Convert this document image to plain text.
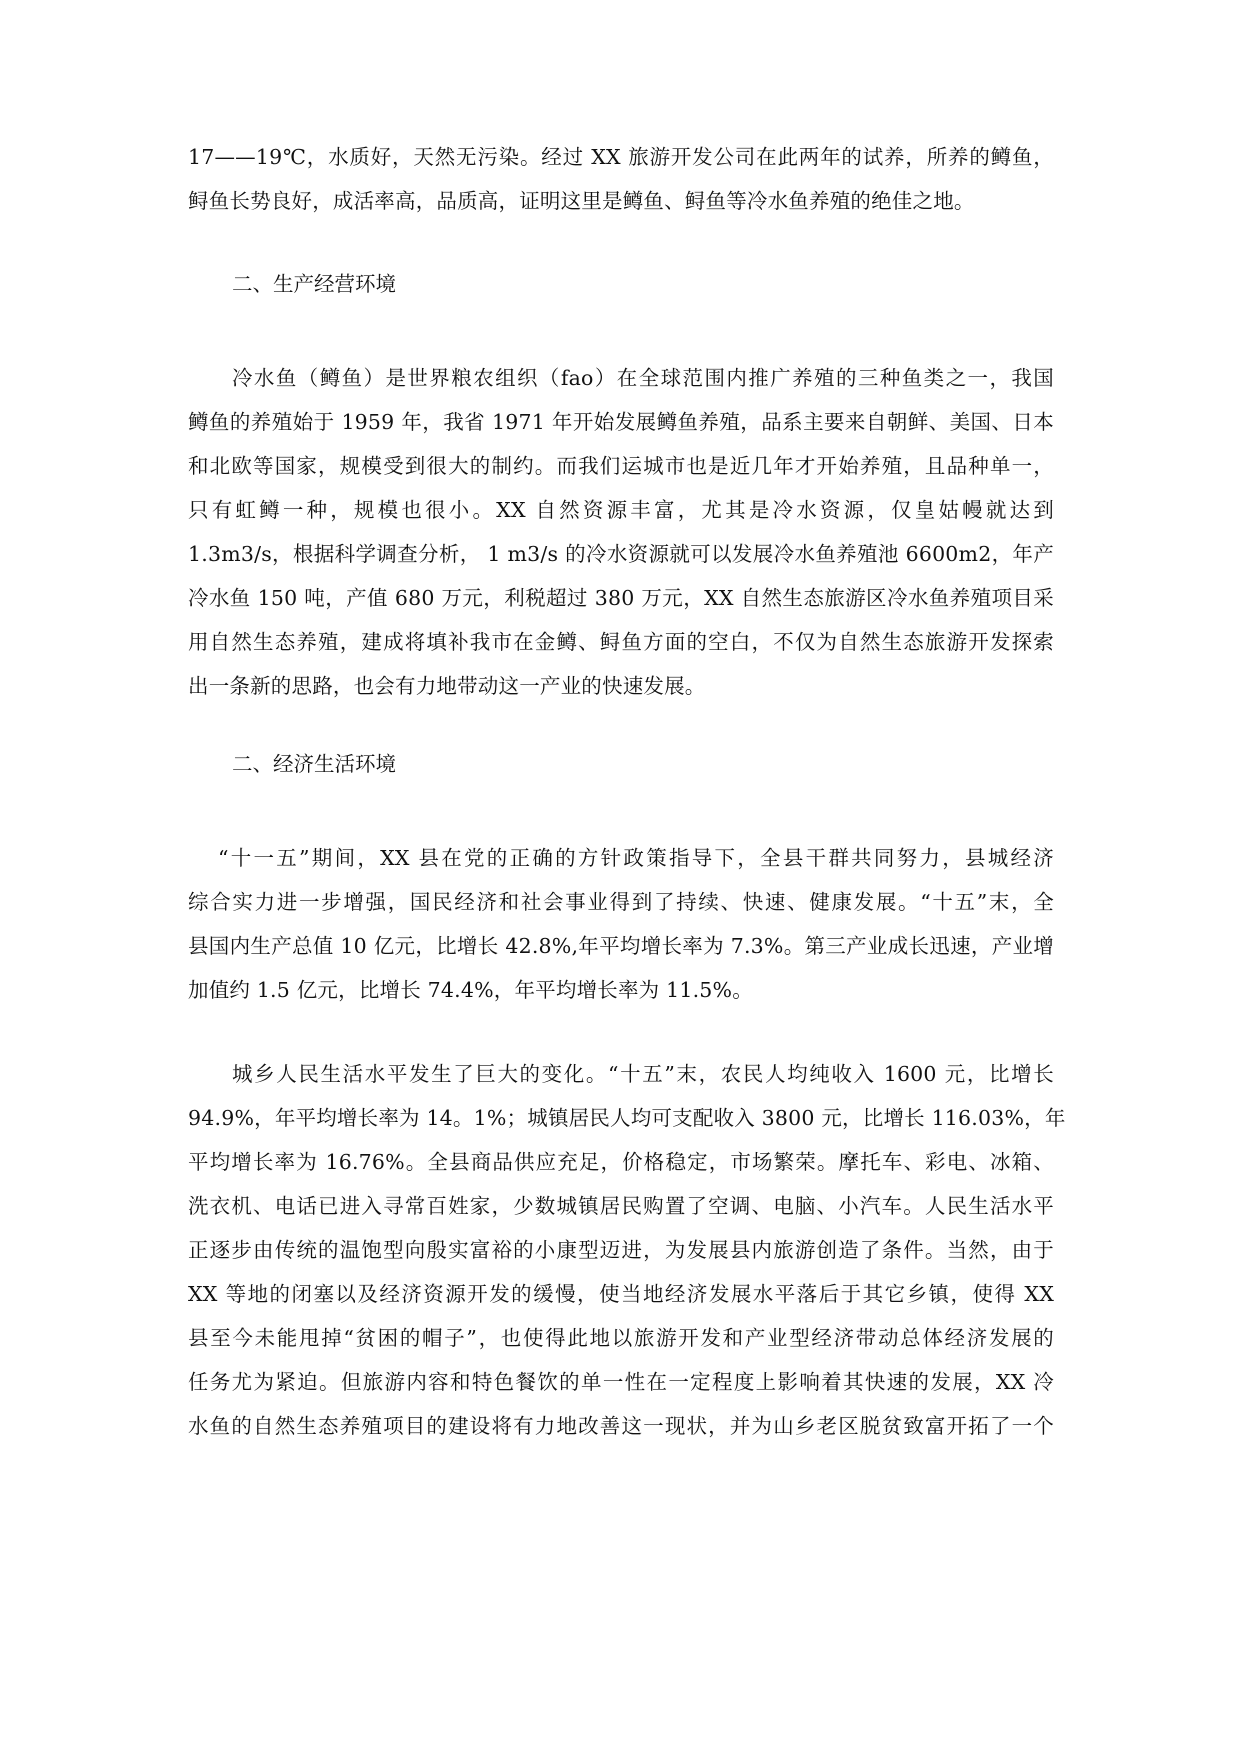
17——19℃，水质好，天然无污染。经过 XX 旅游开发公司在此两年的试养，所养的鳟鱼，
鲟鱼长势良好，成活率高，品质高，证明这里是鳟鱼、鲟鱼等冷水鱼养殖的绝佳之地。
二、生产经营环境
冷水鱼（鳟鱼）是世界粮农组织（fao）在全球范围内推广养殖的三种鱼类之一，我国
鳟鱼的养殖始于 1959 年，我省 1971 年开始发展鳟鱼养殖，品系主要来自朝鲜、美国、日本
和北欧等国家，规模受到很大的制约。而我们运城市也是近几年才开始养殖，且品种单一，
只有虹鳟一种，规模也很小。XX 自然资源丰富，尤其是冷水资源，仅皇姑幔就达到
1.3m3/s，根据科学调查分析， 1 m3/s 的冷水资源就可以发展冷水鱼养殖池 6600m2，年产
冷水鱼 150 吨，产值 680 万元，利税超过 380 万元，XX 自然生态旅游区冷水鱼养殖项目采
用自然生态养殖，建成将填补我市在金鳟、鲟鱼方面的空白，不仅为自然生态旅游开发探索
出一条新的思路，也会有力地带动这一产业的快速发展。
二、经济生活环境
“十一五”期间，XX 县在党的正确的方针政策指导下，全县干群共同努力，县城经济
综合实力进一步增强，国民经济和社会事业得到了持续、快速、健康发展。“十五”末，全
县国内生产总值 10 亿元，比增长 42.8%,年平均增长率为 7.3%。第三产业成长迅速，产业增
加值约 1.5 亿元，比增长 74.4%，年平均增长率为 11.5%。
城乡人民生活水平发生了巨大的变化。“十五”末，农民人均纯收入 1600 元，比增长
94.9%，年平均增长率为 14。1%；城镇居民人均可支配收入 3800 元，比增长 116.03%，年
平均增长率为 16.76%。全县商品供应充足，价格稳定，市场繁荣。摩托车、彩电、冰箱、
洗衣机、电话已进入寻常百姓家，少数城镇居民购置了空调、电脑、小汽车。人民生活水平
正逐步由传统的温饱型向殷实富裕的小康型迈进，为发展县内旅游创造了条件。当然，由于
XX 等地的闭塞以及经济资源开发的缓慢，使当地经济发展水平落后于其它乡镇，使得 XX
县至今未能甩掉“贫困的帽子”，也使得此地以旅游开发和产业型经济带动总体经济发展的
任务尤为紧迫。但旅游内容和特色餐饮的单一性在一定程度上影响着其快速的发展，XX 冷
水鱼的自然生态养殖项目的建设将有力地改善这一现状，并为山乡老区脱贫致富开拓了一个
